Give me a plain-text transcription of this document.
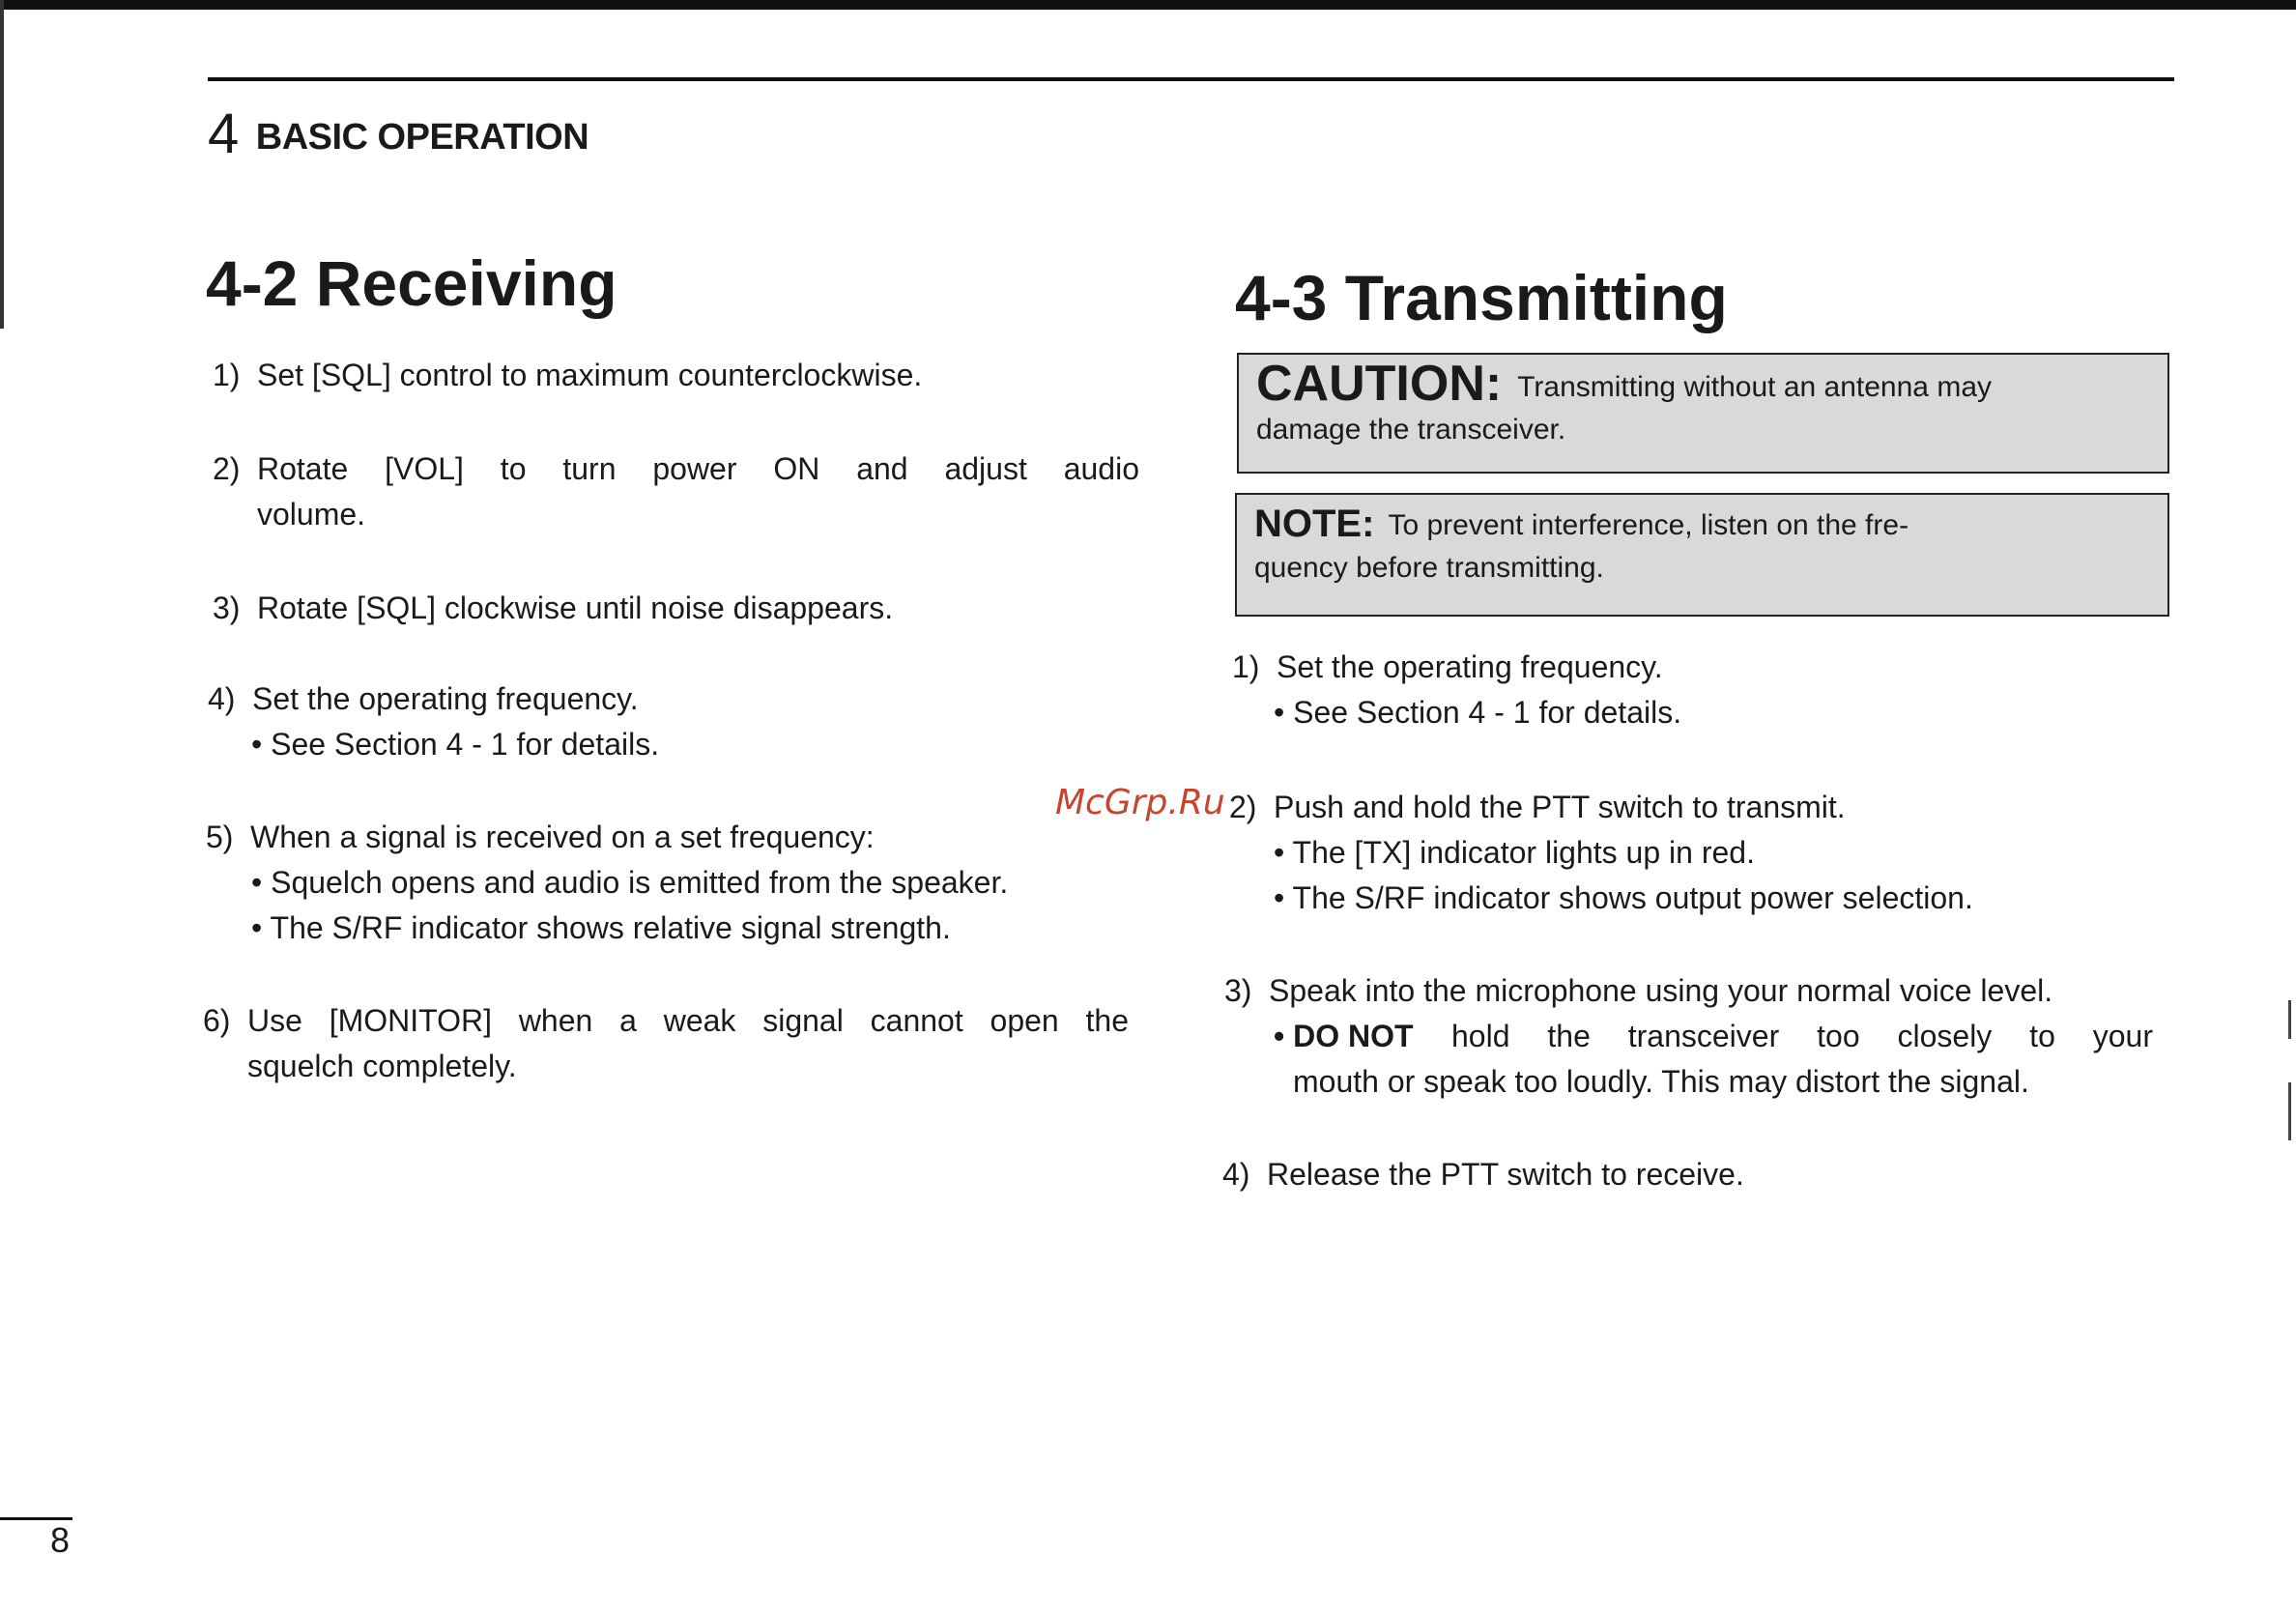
4 BASIC OPERATION
4-2 Receiving
1) Set [SQL] control to maximum counterclockwise.
2) Rotate [VOL] to turn power ON and adjust audio
volume.
3) Rotate [SQL] clockwise until noise disappears.
4) Set the operating frequency.
• See Section 4 - 1 for details.
5) When a signal is received on a set frequency:
• Squelch opens and audio is emitted from the speaker.
• The S/RF indicator shows relative signal strength.
6) Use [MONITOR] when a weak signal cannot open the
squelch completely.
4-3 Transmitting
CAUTION: Transmitting without an antenna may
damage the transceiver.
NOTE: To prevent interference, listen on the fre-
quency before transmitting.
1) Set the operating frequency.
• See Section 4 - 1 for details.
2) Push and hold the PTT switch to transmit.
• The [TX] indicator lights up in red.
• The S/RF indicator shows output power selection.
3) Speak into the microphone using your normal voice level.
• DO NOT hold the transceiver too closely to your
mouth or speak too loudly. This may distort the signal.
4) Release the PTT switch to receive.
McGrp.Ru
8
